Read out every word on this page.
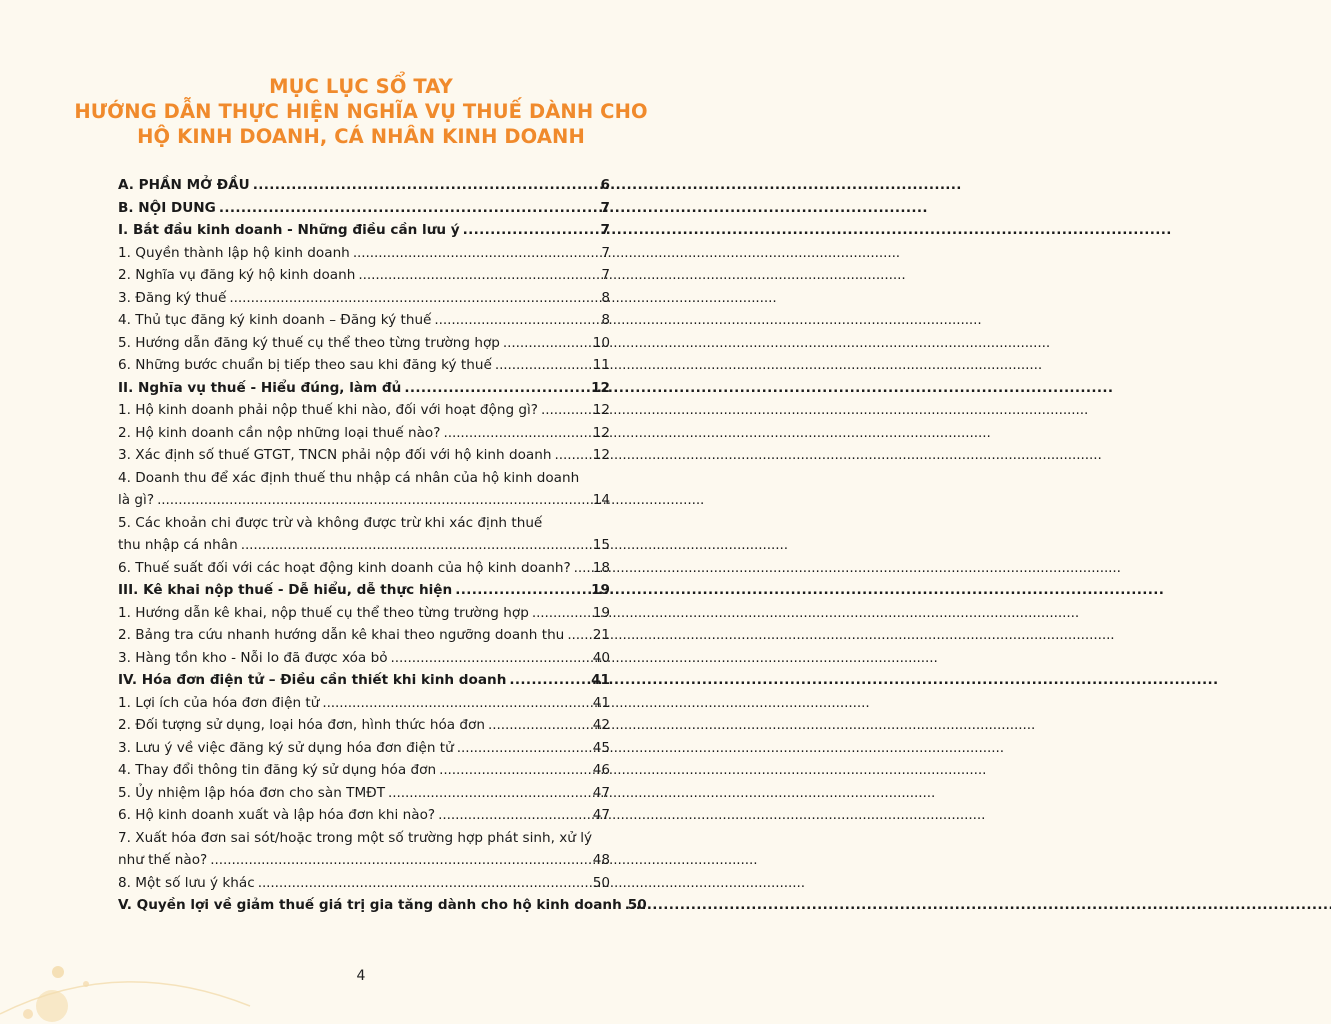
MỤC LỤC SỔ TAY
HƯỚNG DẪN THỰC HIỆN NGHĨA VỤ THUẾ DÀNH CHO
HỘ KINH DOANH, CÁ NHÂN KINH DOANH
A. PHẦN MỞ ĐẦU . . .	6
B. NỘI DUNG . . .	7
I. Bắt đầu kinh doanh - Những điều cần lưu ý . . .	7
1. Quyền thành lập hộ kinh doanh . . .	7
2. Nghĩa vụ đăng ký hộ kinh doanh . . .	7
3. Đăng ký thuế . . .	8
4. Thủ tục đăng ký kinh doanh – Đăng ký thuế . . .	8
5. Hướng dẫn đăng ký thuế cụ thể theo từng trường hợp . . .	10
6. Những bước chuẩn bị tiếp theo sau khi đăng ký thuế . . .	11
II. Nghĩa vụ thuế - Hiểu đúng, làm đủ . . .	12
1. Hộ kinh doanh phải nộp thuế khi nào, đối với hoạt động gì? . . .	12
2. Hộ kinh doanh cần nộp những loại thuế nào? . . .	12
3. Xác định số thuế GTGT, TNCN phải nộp đối với hộ kinh doanh . . .	12
4. Doanh thu để xác định thuế thu nhập cá nhân của hộ kinh doanh
là gì? . . .	14
5. Các khoản chi được trừ và không được trừ khi xác định thuế
thu nhập cá nhân . . .	15
6. Thuế suất đối với các hoạt động kinh doanh của hộ kinh doanh? . . . 18
III. Kê khai nộp thuế - Dễ hiểu, dễ thực hiện . . .	19
1. Hướng dẫn kê khai, nộp thuế cụ thể theo từng trường hợp . . .	19
2. Bảng tra cứu nhanh hướng dẫn kê khai theo ngưỡng doanh thu . . . 21
3. Hàng tồn kho - Nỗi lo đã được xóa bỏ . . .	40
IV. Hóa đơn điện tử – Điều cần thiết khi kinh doanh . . .	41
1. Lợi ích của hóa đơn điện tử . . .	41
2. Đối tượng sử dụng, loại hóa đơn, hình thức hóa đơn . . .	42
3. Lưu ý về việc đăng ký sử dụng hóa đơn điện tử . . .	45
4. Thay đổi thông tin đăng ký sử dụng hóa đơn . . .	46
5. Ủy nhiệm lập hóa đơn cho sàn TMĐT . . .	47
6. Hộ kinh doanh xuất và lập hóa đơn khi nào? . . .	47
7. Xuất hóa đơn sai sót/hoặc trong một số trường hợp phát sinh, xử lý
như thế nào? . . .	48
8. Một số lưu ý khác . . .	50
V. Quyền lợi về giảm thuế giá trị gia tăng dành cho hộ kinh doanh 50
4
